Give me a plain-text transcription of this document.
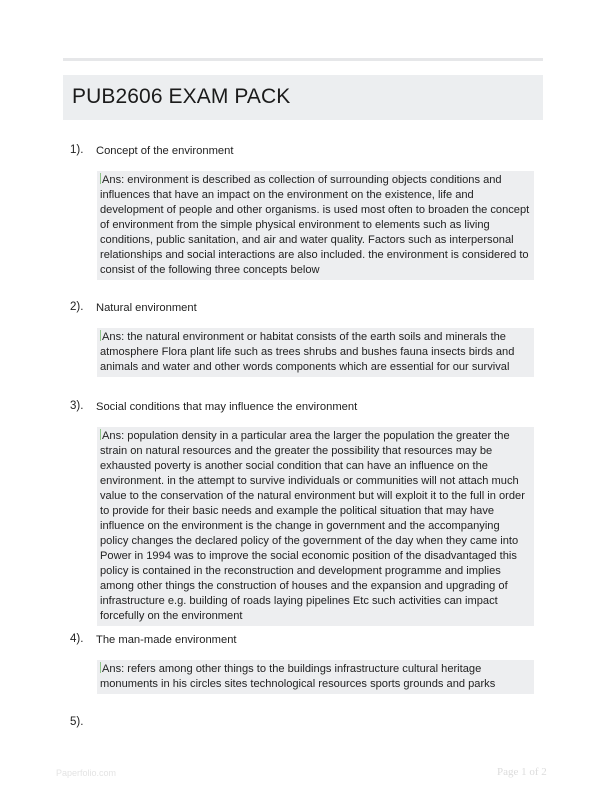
PUB2606 EXAM PACK
1). Concept of the environment
Ans: environment is described as collection of surrounding objects conditions and influences that have an impact on the environment on the existence, life and development of people and other organisms. is used most often to broaden the concept of environment from the simple physical environment to elements such as living conditions, public sanitation, and air and water quality. Factors such as interpersonal relationships and social interactions are also included. the environment is considered to consist of the following three concepts below
2). Natural environment
Ans: the natural environment or habitat consists of the earth soils and minerals the atmosphere Flora plant life such as trees shrubs and bushes fauna insects birds and animals and water and other words components which are essential for our survival
3). Social conditions that may influence the environment
Ans: population density in a particular area the larger the population the greater the strain on natural resources and the greater the possibility that resources may be exhausted poverty is another social condition that can have an influence on the environment. in the attempt to survive individuals or communities will not attach much value to the conservation of the natural environment but will exploit it to the full in order to provide for their basic needs and example the political situation that may have influence on the environment is the change in government and the accompanying policy changes the declared policy of the government of the day when they came into Power in 1994 was to improve the social economic position of the disadvantaged this policy is contained in the reconstruction and development programme and implies among other things the construction of houses and the expansion and upgrading of infrastructure e.g. building of roads laying pipelines Etc such activities can impact forcefully on the environment
4). The man-made environment
Ans: refers among other things to the buildings infrastructure cultural heritage monuments in his circles sites technological resources sports grounds and parks
5).
Paperfolio.com	Page 1 of 2
